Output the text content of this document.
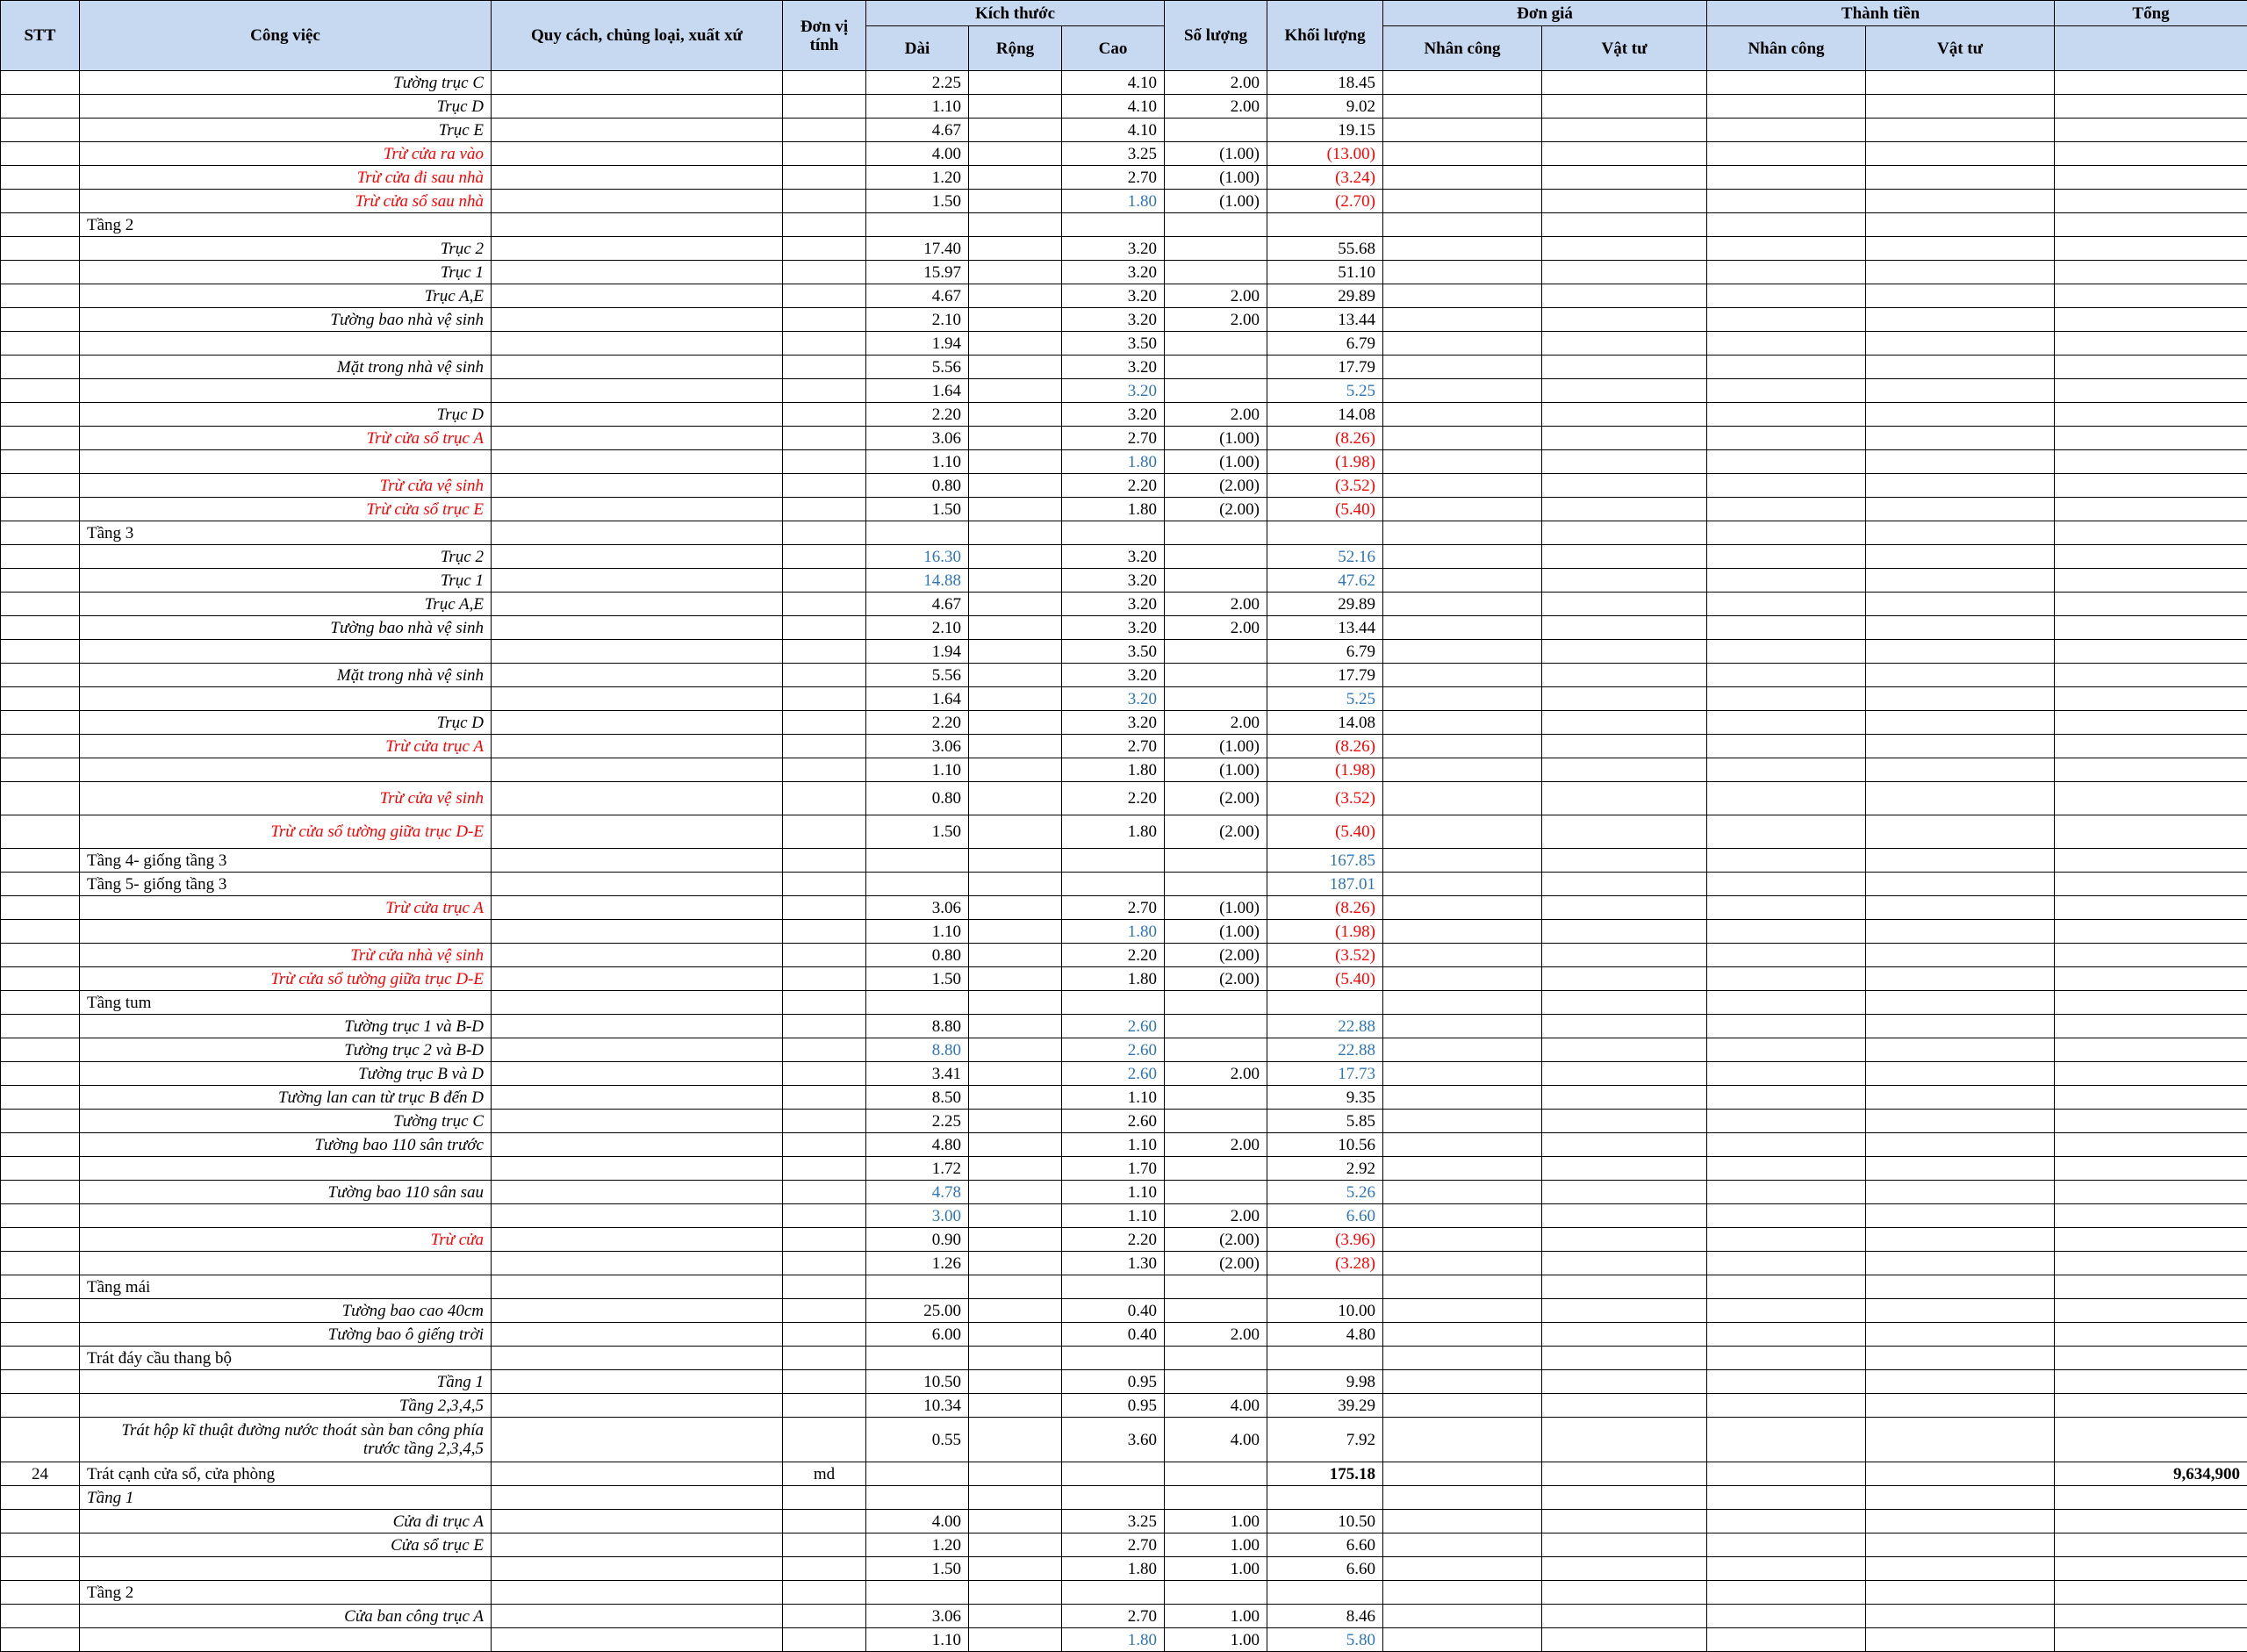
STT	Công việc	Quy cách, chủng loại, xuất xứ	Đơn vị tính	Kích thước			Số lượng	Khối lượng	Đơn giá		Thành tiền		Tổng
				Dài	Rộng	Cao			Nhân công	Vật tư	Nhân công	Vật tư	
	Tường trục C			2.25		4.10	2.00	18.45					
	Trục D			1.10		4.10	2.00	9.02					
	Trục E			4.67		4.10		19.15					
	Trừ cửa ra vào			4.00		3.25	(1.00)	(13.00)					
	Trừ cửa đi sau nhà			1.20		2.70	(1.00)	(3.24)					
	Trừ cửa sổ sau nhà			1.50		1.80	(1.00)	(2.70)					
	Tầng 2												
	Trục 2			17.40		3.20		55.68					
	Trục 1			15.97		3.20		51.10					
	Trục A,E			4.67		3.20	2.00	29.89					
	Tường bao nhà vệ sinh			2.10		3.20	2.00	13.44					
				1.94		3.50		6.79					
	Mặt trong nhà vệ sinh			5.56		3.20		17.79					
				1.64		3.20		5.25					
	Trục D			2.20		3.20	2.00	14.08					
	Trừ cửa sổ trục A			3.06		2.70	(1.00)	(8.26)					
				1.10		1.80	(1.00)	(1.98)					
	Trừ cửa vệ sinh			0.80		2.20	(2.00)	(3.52)					
	Trừ cửa sổ trục E			1.50		1.80	(2.00)	(5.40)					
	Tầng 3												
	Trục 2			16.30		3.20		52.16					
	Trục 1			14.88		3.20		47.62					
	Trục A,E			4.67		3.20	2.00	29.89					
	Tường bao nhà vệ sinh			2.10		3.20	2.00	13.44					
				1.94		3.50		6.79					
	Mặt trong nhà vệ sinh			5.56		3.20		17.79					
				1.64		3.20		5.25					
	Trục D			2.20		3.20	2.00	14.08					
	Trừ cửa trục A			3.06		2.70	(1.00)	(8.26)					
				1.10		1.80	(1.00)	(1.98)					
	Trừ cửa vệ sinh			0.80		2.20	(2.00)	(3.52)					
	Trừ cửa sổ tường giữa trục D-E			1.50		1.80	(2.00)	(5.40)					
	Tầng 4- giống tầng 3							167.85					
	Tầng 5- giống tầng 3							187.01					
	Trừ cửa trục A			3.06		2.70	(1.00)	(8.26)					
				1.10		1.80	(1.00)	(1.98)					
	Trừ cửa nhà vệ sinh			0.80		2.20	(2.00)	(3.52)					
	Trừ cửa sổ tường giữa trục D-E			1.50		1.80	(2.00)	(5.40)					
	Tầng tum												
	Tường trục 1 và B-D			8.80		2.60		22.88					
	Tường trục 2 và B-D			8.80		2.60		22.88					
	Tường trục B và D			3.41		2.60	2.00	17.73					
	Tường lan can từ trục B đến D			8.50		1.10		9.35					
	Tường trục C			2.25		2.60		5.85					
	Tường bao 110 sân trước			4.80		1.10	2.00	10.56					
				1.72		1.70		2.92					
	Tường bao 110 sân sau			4.78		1.10		5.26					
				3.00		1.10	2.00	6.60					
	Trừ cửa			0.90		2.20	(2.00)	(3.96)					
				1.26		1.30	(2.00)	(3.28)					
	Tầng mái												
	Tường bao cao 40cm			25.00		0.40		10.00					
	Tường bao ô giếng trời			6.00		0.40	2.00	4.80					
	Trát đáy cầu thang bộ												
	Tầng 1			10.50		0.95		9.98					
	Tầng 2,3,4,5			10.34		0.95	4.00	39.29					
	Trát hộp kĩ thuật đường nước thoát sàn ban công phía trước tầng 2,3,4,5			0.55		3.60	4.00	7.92					
24	Trát cạnh cửa sổ, cửa phòng		md					175.18					9,634,900
	Tầng 1												
	Cửa đi trục A			4.00		3.25	1.00	10.50					
	Cửa sổ trục E			1.20		2.70	1.00	6.60					
				1.50		1.80	1.00	6.60					
	Tầng 2												
	Cửa ban công trục A			3.06		2.70	1.00	8.46					
				1.10		1.80	1.00	5.80					
